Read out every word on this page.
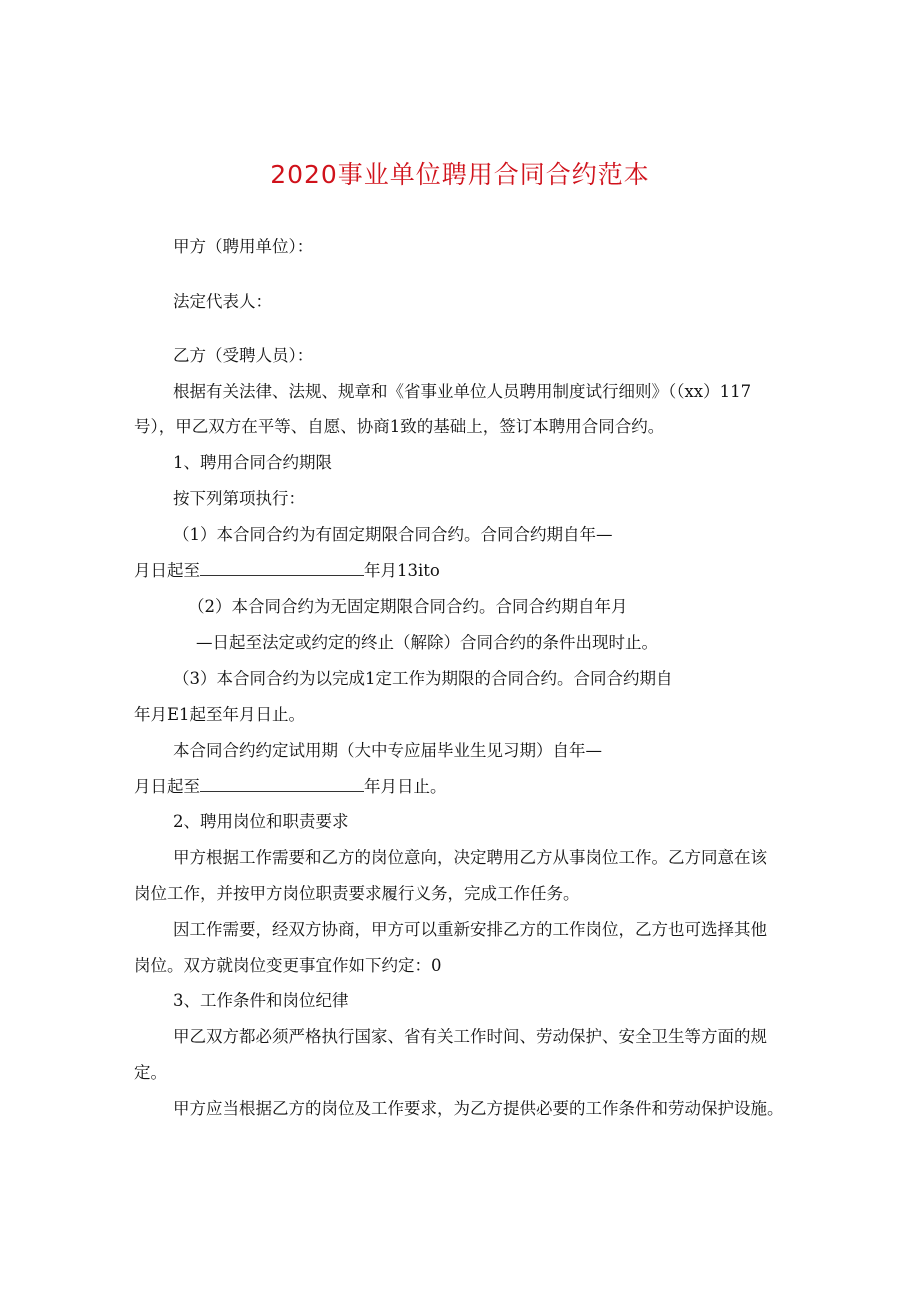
2020事业单位聘用合同合约范本
甲方（聘用单位）：
法定代表人：
乙方（受聘人员）：
根据有关法律、法规、规章和《省事业单位人员聘用制度试行细则》（（xx）117
号），甲乙双方在平等、自愿、协商1致的基础上，签订本聘用合同合约。
1、聘用合同合约期限
按下列第项执行：
（1）本合同合约为有固定期限合同合约。合同合约期自年—
月日起至	年月13ito
（2）本合同合约为无固定期限合同合约。合同合约期自年月
—日起至法定或约定的终止（解除）合同合约的条件出现时止。
（3）本合同合约为以完成1定工作为期限的合同合约。合同合约期自
年月E1起至年月日止。
本合同合约约定试用期（大中专应届毕业生见习期）自年—
月日起至	年月日止。
2、聘用岗位和职责要求
甲方根据工作需要和乙方的岗位意向，决定聘用乙方从事岗位工作。乙方同意在该
岗位工作，并按甲方岗位职责要求履行义务，完成工作任务。
因工作需要，经双方协商，甲方可以重新安排乙方的工作岗位，乙方也可选择其他
岗位。双方就岗位变更事宜作如下约定：0
3、工作条件和岗位纪律
甲乙双方都必须严格执行国家、省有关工作时间、劳动保护、安全卫生等方面的规
定。
甲方应当根据乙方的岗位及工作要求，为乙方提供必要的工作条件和劳动保护设施。
